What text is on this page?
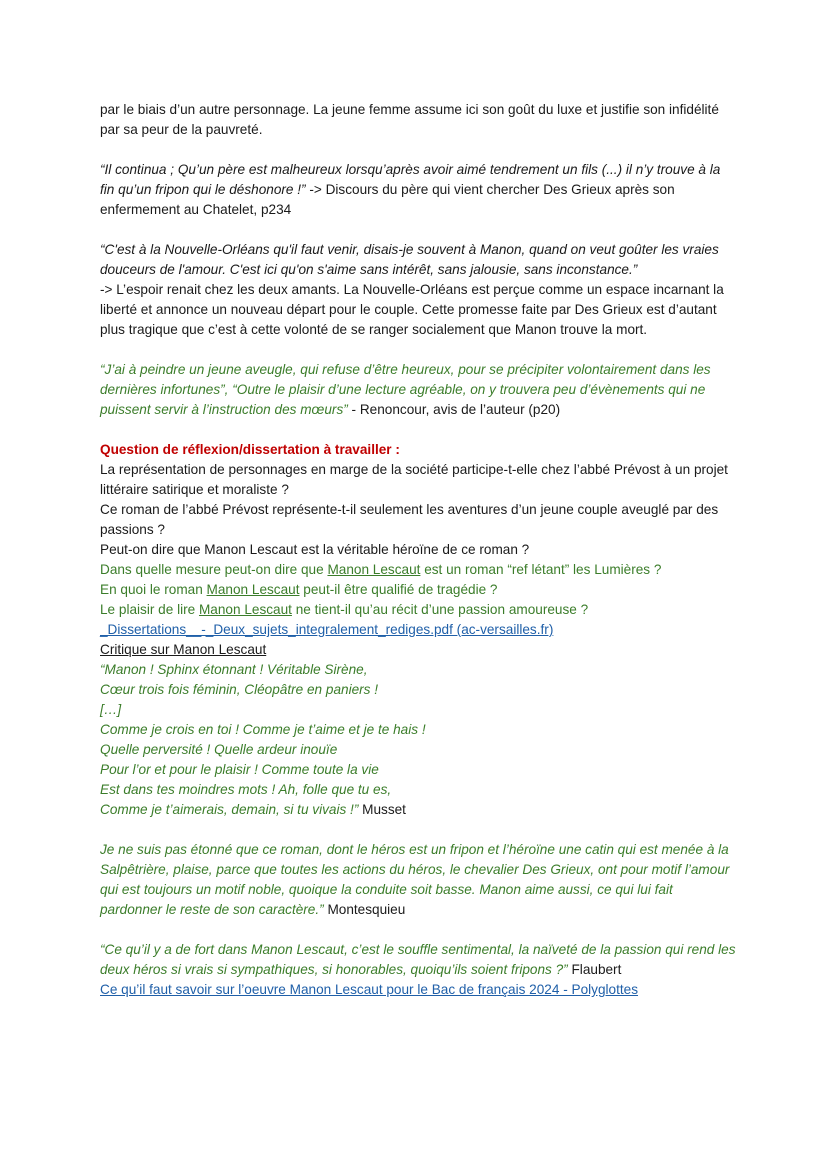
par le biais d’un autre personnage. La jeune femme assume ici son goût du luxe et justifie son infidélité par sa peur de la pauvreté.

“Il continua ; Qu’un père est malheureux lorsqu’après avoir aimé tendrement un fils (...) il n’y trouve à la fin qu’un fripon qui le déshonore !” -> Discours du père qui vient chercher Des Grieux après son enfermement au Chatelet, p234

“C'est à la Nouvelle-Orléans qu'il faut venir, disais-je souvent à Manon, quand on veut goûter les vraies douceurs de l'amour. C'est ici qu'on s'aime sans intérêt, sans jalousie, sans inconstance.”

-> L’espoir renait chez les deux amants. La Nouvelle-Orléans est perçue comme un espace incarnant la liberté et annonce un nouveau départ pour le couple. Cette promesse faite par Des Grieux est d’autant plus tragique que c’est à cette volonté de se ranger socialement que Manon trouve la mort.

“J’ai à peindre un jeune aveugle, qui refuse d’être heureux, pour se précipiter volontairement dans les dernières infortunes”, “Outre le plaisir d’une lecture agréable, on y trouvera peu d’évènements qui ne puissent servir à l’instruction des mœurs” - Renoncour, avis de l’auteur (p20)

Question de réflexion/dissertation à travailler :

La représentation de personnages en marge de la société participe-t-elle chez l’abbé Prévost à un projet littéraire satirique et moraliste ?

Ce roman de l’abbé Prévost représente-t-il seulement les aventures d’un jeune couple aveuglé par des passions ?

Peut-on dire que Manon Lescaut est la véritable héroïne de ce roman ?

Dans quelle mesure peut-on dire que Manon Lescaut est un roman “ref létant” les Lumières ?

En quoi le roman Manon Lescaut peut-il être qualifié de tragédie ?

Le plaisir de lire Manon Lescaut ne tient-il qu’au récit d’une passion amoureuse ?

_Dissertations__-_Deux_sujets_integralement_rediges.pdf (ac-versailles.fr)

Critique sur Manon Lescaut

“Manon ! Sphinx étonnant ! Véritable Sirène,

Cœur trois fois féminin, Cléopâtre en paniers !

[…]

Comme je crois en toi ! Comme je t’aime et je te hais !

Quelle perversité ! Quelle ardeur inouïe

Pour l’or et pour le plaisir ! Comme toute la vie

Est dans tes moindres mots ! Ah, folle que tu es,

Comme je t’aimerais, demain, si tu vivais !” Musset

Je ne suis pas étonné que ce roman, dont le héros est un fripon et l’héroïne une catin qui est menée à la Salpêtrière, plaise, parce que toutes les actions du héros, le chevalier Des Grieux, ont pour motif l’amour qui est toujours un motif noble, quoique la conduite soit basse. Manon aime aussi, ce qui lui fait pardonner le reste de son caractère.” Montesquieu

“Ce qu’il y a de fort dans Manon Lescaut, c’est le souffle sentimental, la naïveté de la passion qui rend les deux héros si vrais si sympathiques, si honorables, quoiqu’ils soient fripons ?” Flaubert

Ce qu’il faut savoir sur l’oeuvre Manon Lescaut pour le Bac de français 2024 - Polyglottes
